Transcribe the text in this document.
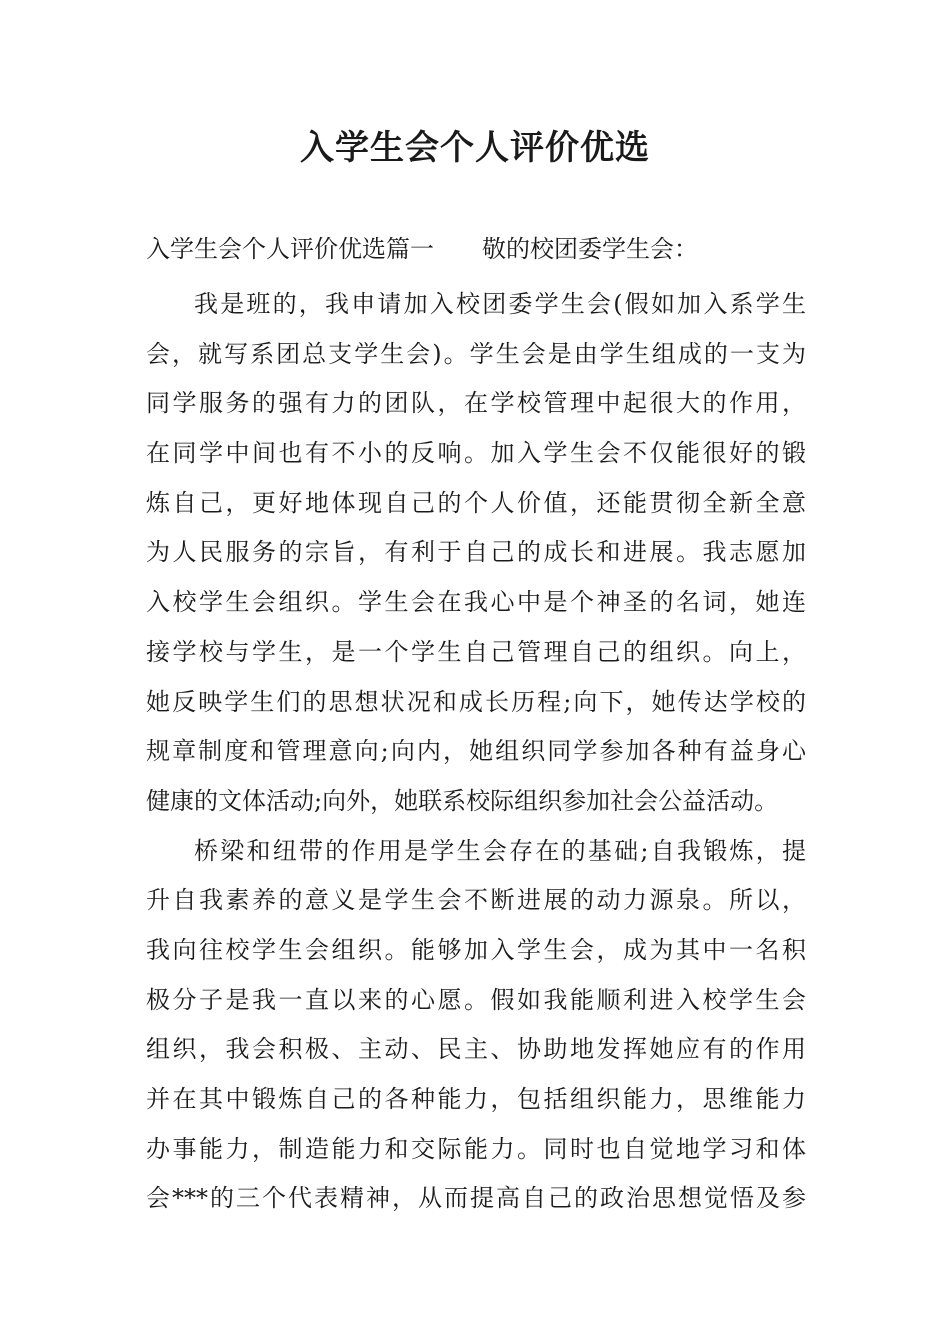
入学生会个人评价优选
入学生会个人评价优选篇一 敬的校团委学生会：

我是班的，我申请加入校团委学生会(假如加入系学生
会，就写系团总支学生会)。学生会是由学生组成的一支为
同学服务的强有力的团队，在学校管理中起很大的作用，
在同学中间也有不小的反响。加入学生会不仅能很好的锻
炼自己，更好地体现自己的个人价值，还能贯彻全新全意
为人民服务的宗旨，有利于自己的成长和进展。我志愿加
入校学生会组织。学生会在我心中是个神圣的名词，她连
接学校与学生，是一个学生自己管理自己的组织。向上，
她反映学生们的思想状况和成长历程;向下，她传达学校的
规章制度和管理意向;向内，她组织同学参加各种有益身心
健康的文体活动;向外，她联系校际组织参加社会公益活动。

桥梁和纽带的作用是学生会存在的基础;自我锻炼，提
升自我素养的意义是学生会不断进展的动力源泉。所以，
我向往校学生会组织。能够加入学生会，成为其中一名积
极分子是我一直以来的心愿。假如我能顺利进入校学生会
组织，我会积极、主动、民主、协助地发挥她应有的作用
并在其中锻炼自己的各种能力，包括组织能力，思维能力
办事能力，制造能力和交际能力。同时也自觉地学习和体
会***的三个代表精神，从而提高自己的政治思想觉悟及参
